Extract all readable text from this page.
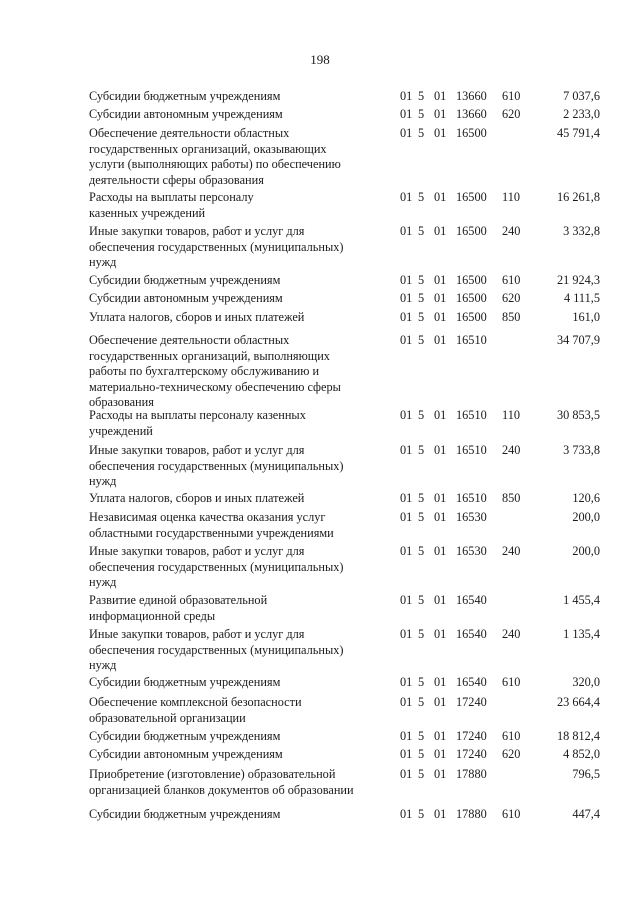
198
Субсидии бюджетным учреждениям	01 5 01 13660 610	7 037,6
Субсидии автономным учреждениям	01 5 01 13660 620	2 233,0
Обеспечение деятельности областных
государственных организаций, оказывающих
услуги (выполняющих работы) по обеспечению
деятельности сферы образования
01 5 01 16500	45 791,4
Расходы на выплаты персоналу
казенных учреждений
01 5 01 16500 110	16 261,8
Иные закупки товаров, работ и услуг для
обеспечения государственных (муниципальных)
нужд
01 5 01 16500 240	3 332,8
Субсидии бюджетным учреждениям	01 5 01 16500 610	21 924,3
Субсидии автономным учреждениям	01 5 01 16500 620	4 111,5
Уплата налогов, сборов и иных платежей	01 5 01 16500 850	161,0
Обеспечение деятельности областных
государственных организаций, выполняющих
работы по бухгалтерскому обслуживанию и
материально-техническому обеспечению сферы
образования
01 5 01 16510	34 707,9
Расходы на выплаты персоналу казенных
учреждений
01 5 01 16510 110	30 853,5
Иные закупки товаров, работ и услуг для
обеспечения государственных (муниципальных)
нужд
01 5 01 16510 240	3 733,8
Уплата налогов, сборов и иных платежей	01 5 01 16510 850	120,6
Независимая оценка качества оказания услуг
областными государственными учреждениями
01 5 01 16530	200,0
Иные закупки товаров, работ и услуг для
обеспечения государственных (муниципальных)
нужд
01 5 01 16530 240	200,0
Развитие единой образовательной
информационной среды
01 5 01 16540	1 455,4
Иные закупки товаров, работ и услуг для
обеспечения государственных (муниципальных)
нужд
01 5 01 16540 240	1 135,4
Субсидии бюджетным учреждениям	01 5 01 16540 610	320,0
Обеспечение комплексной безопасности
образовательной организации
01 5 01 17240	23 664,4
Субсидии бюджетным учреждениям	01 5 01 17240 610	18 812,4
Субсидии автономным учреждениям	01 5 01 17240 620	4 852,0
Приобретение (изготовление) образовательной
организацией бланков документов об образовании
01 5 01 17880	796,5
Субсидии бюджетным учреждениям	01 5 01 17880 610	447,4
